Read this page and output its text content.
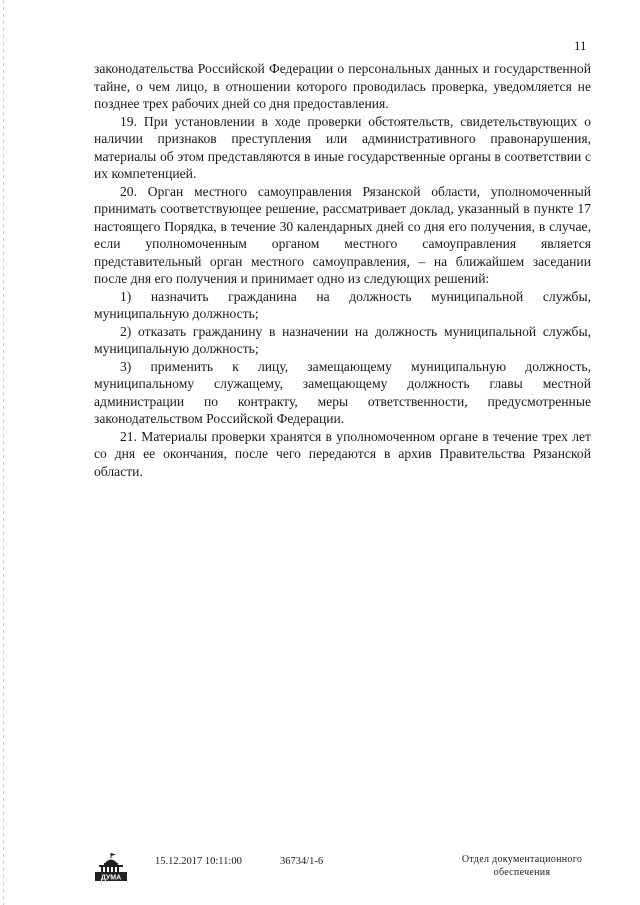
11

законодательства Российской Федерации о персональных данных и государственной тайне, о чем лицо, в отношении которого проводилась проверка, уведомляется не позднее трех рабочих дней со дня предоставления.

19. При установлении в ходе проверки обстоятельств, свидетельствующих о наличии признаков преступления или административного правонарушения, материалы об этом представляются в иные государственные органы в соответствии с их компетенцией.

20. Орган местного самоуправления Рязанской области, уполномоченный принимать соответствующее решение, рассматривает доклад, указанный в пункте 17 настоящего Порядка, в течение 30 календарных дней со дня его получения, в случае, если уполномоченным органом местного самоуправления является представительный орган местного самоуправления, – на ближайшем заседании после дня его получения и принимает одно из следующих решений:

1) назначить гражданина на должность муниципальной службы, муниципальную должность;

2) отказать гражданину в назначении на должность муниципальной службы, муниципальную должность;

3) применить к лицу, замещающему муниципальную должность, муниципальному служащему, замещающему должность главы местной администрации по контракту, меры ответственности, предусмотренные законодательством Российской Федерации.

21. Материалы проверки хранятся в уполномоченном органе в течение трех лет со дня ее окончания, после чего передаются в архив Правительства Рязанской области.

ДУМА
15.12.2017 10:11:00	36734/1-6	Отдел документационного
обеспечения
